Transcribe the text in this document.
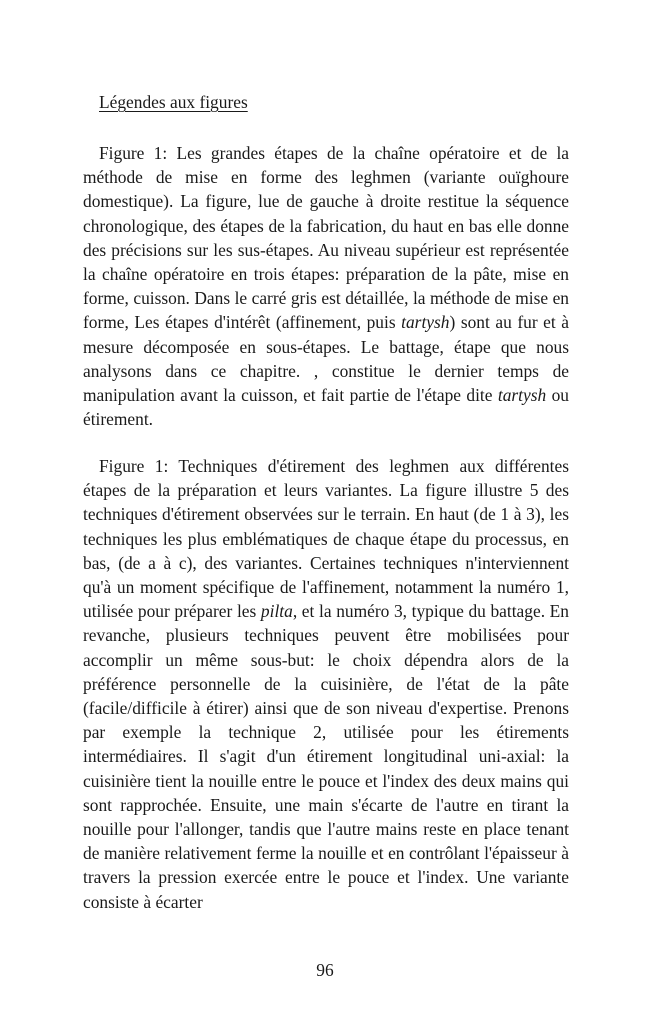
Légendes aux figures

Figure 1: Les grandes étapes de la chaîne opératoire et de la méthode de mise en forme des leghmen (variante ouïghoure domestique). La figure, lue de gauche à droite restitue la séquence chronologique, des étapes de la fabrication, du haut en bas elle donne des précisions sur les sus-étapes. Au niveau supérieur est représentée la chaîne opératoire en trois étapes: préparation de la pâte, mise en forme, cuisson. Dans le carré gris est détaillée, la méthode de mise en forme, Les étapes d'intérêt (affinement, puis tartysh) sont au fur et à mesure décomposée en sous-étapes. Le battage, étape que nous analysons dans ce chapitre. , constitue le dernier temps de manipulation avant la cuisson, et fait partie de l'étape dite tartysh ou étirement.

Figure 1: Techniques d'étirement des leghmen aux différentes étapes de la préparation et leurs variantes. La figure illustre 5 des techniques d'étirement observées sur le terrain. En haut (de 1 à 3), les techniques les plus emblématiques de chaque étape du processus, en bas, (de a à c), des variantes. Certaines techniques n'interviennent qu'à un moment spécifique de l'affinement, notamment la numéro 1, utilisée pour préparer les pilta, et la numéro 3, typique du battage. En revanche, plusieurs techniques peuvent être mobilisées pour accomplir un même sous-but: le choix dépendra alors de la préférence personnelle de la cuisinière, de l'état de la pâte (facile/difficile à étirer) ainsi que de son niveau d'expertise. Prenons par exemple la technique 2, utilisée pour les étirements intermédiaires. Il s'agit d'un étirement longitudinal uni-axial: la cuisinière tient la nouille entre le pouce et l'index des deux mains qui sont rapprochée. Ensuite, une main s'écarte de l'autre en tirant la nouille pour l'allonger, tandis que l'autre mains reste en place tenant de manière relativement ferme la nouille et en contrôlant l'épaisseur à travers la pression exercée entre le pouce et l'index. Une variante consiste à écarter

96
